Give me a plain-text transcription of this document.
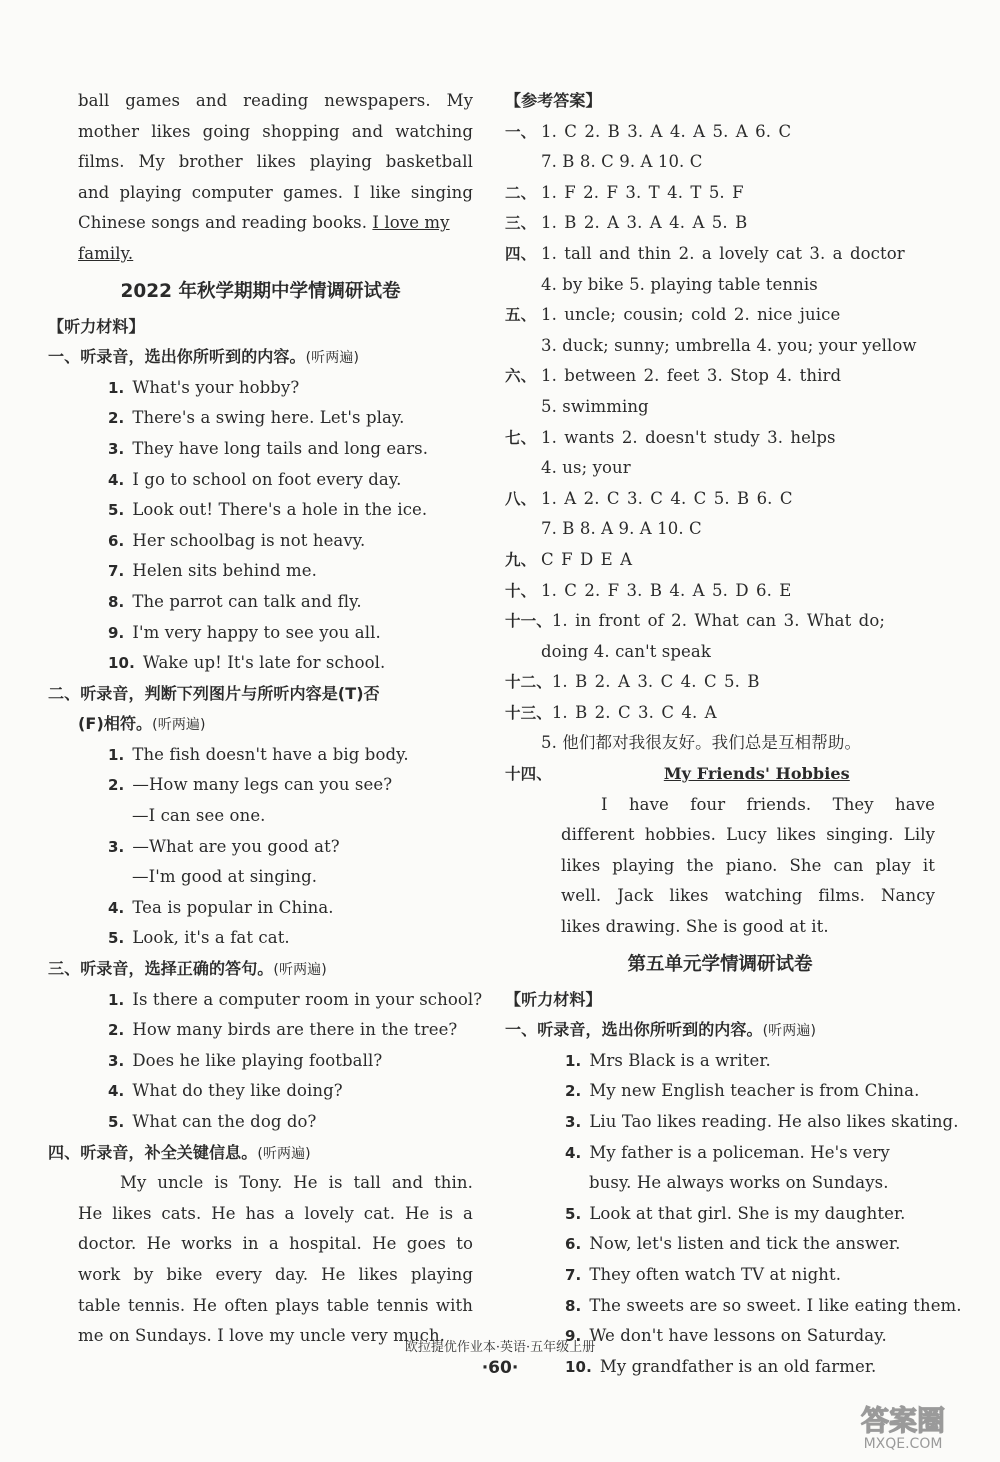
ball games and reading newspapers. My
mother likes going shopping and watching
films. My brother likes playing basketball
and playing computer games. I like singing
Chinese songs and reading books. I love my
family.
2022 年秋学期期中学情调研试卷
【听力材料】
一、听录音，选出你所听到的内容。(听两遍)
1. What's your hobby?
2. There's a swing here. Let's play.
3. They have long tails and long ears.
4. I go to school on foot every day.
5. Look out! There's a hole in the ice.
6. Her schoolbag is not heavy.
7. Helen sits behind me.
8. The parrot can talk and fly.
9. I'm very happy to see you all.
10. Wake up! It's late for school.
二、听录音，判断下列图片与所听内容是(T)否
(F)相符。(听两遍)
1. The fish doesn't have a big body.
2. —How many legs can you see?
—I can see one.
3. —What are you good at?
—I'm good at singing.
4. Tea is popular in China.
5. Look, it's a fat cat.
三、听录音，选择正确的答句。(听两遍)
1. Is there a computer room in your school?
2. How many birds are there in the tree?
3. Does he like playing football?
4. What do they like doing?
5. What can the dog do?
四、听录音，补全关键信息。(听两遍)
My uncle is Tony. He is tall and thin.
He likes cats. He has a lovely cat. He is a
doctor. He works in a hospital. He goes to
work by bike every day. He likes playing
table tennis. He often plays table tennis with
me on Sundays. I love my uncle very much.
【参考答案】
一、 1. C 2. B 3. A 4. A 5. A 6. C
7. B 8. C 9. A 10. C
二、 1. F 2. F 3. T 4. T 5. F
三、 1. B 2. A 3. A 4. A 5. B
四、 1. tall and thin 2. a lovely cat 3. a doctor
4. by bike 5. playing table tennis
五、 1. uncle; cousin; cold 2. nice juice
3. duck; sunny; umbrella 4. you; your yellow
六、 1. between 2. feet 3. Stop 4. third
5. swimming
七、 1. wants 2. doesn't study 3. helps
4. us; your
八、 1. A 2. C 3. C 4. C 5. B 6. C
7. B 8. A 9. A 10. C
九、 C F D E A
十、 1. C 2. F 3. B 4. A 5. D 6. E
十一、 1. in front of 2. What can 3. What do;
doing 4. can't speak
十二、 1. B 2. A 3. C 4. C 5. B
十三、 1. B 2. C 3. C 4. A
5. 他们都对我很友好。我们总是互相帮助。
十四、	My Friends' Hobbies
I have four friends. They have
different hobbies. Lucy likes singing. Lily
likes playing the piano. She can play it
well. Jack likes watching films. Nancy
likes drawing. She is good at it.
第五单元学情调研试卷
【听力材料】
一、听录音，选出你所听到的内容。(听两遍)
1. Mrs Black is a writer.
2. My new English teacher is from China.
3. Liu Tao likes reading. He also likes skating.
4. My father is a policeman. He's very
busy. He always works on Sundays.
5. Look at that girl. She is my daughter.
6. Now, let's listen and tick the answer.
7. They often watch TV at night.
8. The sweets are so sweet. I like eating them.
9. We don't have lessons on Saturday.
10. My grandfather is an old farmer.
欧拉提优作业本·英语·五年级上册
·60·
答案圈
MXQE.COM
